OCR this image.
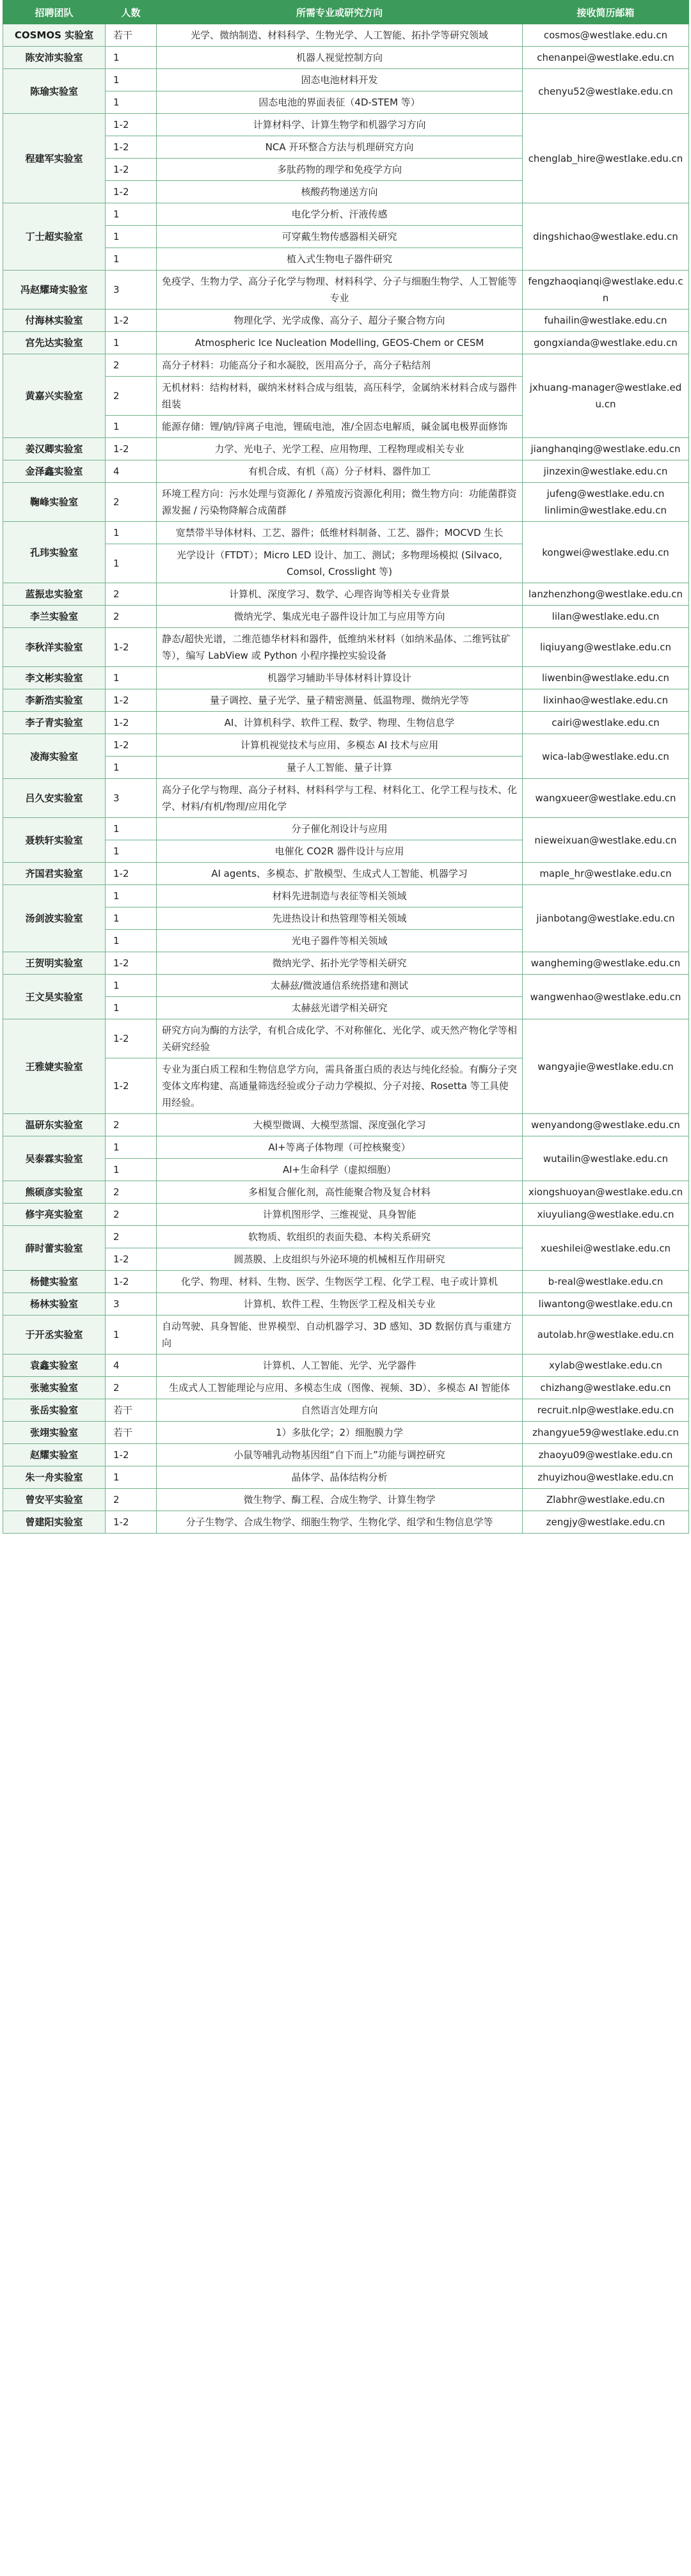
招聘团队	人数	所需专业或研究方向	接收简历邮箱
COSMOS 实验室	若干	光学、微纳制造、材料科学、生物光学、人工智能、拓扑学等研究领域	cosmos@westlake.edu.cn
陈安沛实验室	1	机器人视觉控制方向	chenanpei@westlake.edu.cn
陈瑜实验室	1	固态电池材料开发	chenyu52@westlake.edu.cn
	1	固态电池的界面表征（4D-STEM 等）	
程建军实验室	1-2	计算材料学、计算生物学和机器学习方向	chenglab_hire@westlake.edu.cn
	1-2	NCA 开环整合方法与机理研究方向	
	1-2	多肽药物的理学和免疫学方向	
	1-2	核酸药物递送方向	
丁士超实验室	1	电化学分析、汗液传感	dingshichao@westlake.edu.cn
	1	可穿戴生物传感器相关研究	
	1	植入式生物电子器件研究	
冯赵耀琦实验室	3	免疫学、生物力学、高分子化学与物理、材料科学、分子与细胞生物学、人工智能等专业	fengzhaoqianqi@westlake.edu.cn
付海林实验室	1-2	物理化学、光学成像、高分子、超分子聚合物方向	fuhailin@westlake.edu.cn
宫先达实验室	1	Atmospheric Ice Nucleation Modelling, GEOS-Chem or CESM	gongxianda@westlake.edu.cn
黄嘉兴实验室	2	高分子材料：功能高分子和水凝胶，医用高分子，高分子粘结剂	jxhuang-manager@westlake.edu.cn
	2	无机材料：结构材料，碳纳米材料合成与组装，高压科学，金属纳米材料合成与器件组装	
	1	能源存储：锂/钠/锌离子电池，锂硫电池，准/全固态电解质，碱金属电极界面修饰	
姜汉卿实验室	1-2	力学、光电子、光学工程、应用物理、工程物理或相关专业	jianghanqing@westlake.edu.cn
金泽鑫实验室	4	有机合成、有机（高）分子材料、器件加工	jinzexin@westlake.edu.cn
鞠峰实验室	2	环境工程方向：污水处理与资源化 / 养殖废污资源化利用；微生物方向：功能菌群资源发掘 / 污染物降解合成菌群	jufeng@westlake.edu.cn
linlimin@westlake.edu.cn
孔玮实验室	1	宽禁带半导体材料、工艺、器件；低维材料制备、工艺、器件；MOCVD 生长	kongwei@westlake.edu.cn
	1	光学设计（FTDT）；Micro LED 设计、加工、测试；多物理场模拟 (Silvaco, Comsol, Crosslight 等)	
蓝振忠实验室	2	计算机、深度学习、数学、心理咨询等相关专业背景	lanzhenzhong@westlake.edu.cn
李兰实验室	2	微纳光学、集成光电子器件设计加工与应用等方向	lilan@westlake.edu.cn
李秋洋实验室	1-2	静态/超快光谱，二维范德华材料和器件，低维纳米材料（如纳米晶体、二维钙钛矿等），编写 LabView 或 Python 小程序操控实验设备	liqiuyang@westlake.edu.cn
李文彬实验室	1	机器学习辅助半导体材料计算设计	liwenbin@westlake.edu.cn
李新浩实验室	1-2	量子调控、量子光学、量子精密测量、低温物理、微纳光学等	lixinhao@westlake.edu.cn
李子青实验室	1-2	AI、计算机科学、软件工程、数学、物理、生物信息学	cairi@westlake.edu.cn
凌海实验室	1-2	计算机视觉技术与应用、多模态 AI 技术与应用	wica-lab@westlake.edu.cn
	1	量子人工智能、量子计算	
吕久安实验室	3	高分子化学与物理、高分子材料、材料科学与工程、材料化工、化学工程与技术、化学、材料/有机/物理/应用化学	wangxueer@westlake.edu.cn
聂轶轩实验室	1	分子催化剂设计与应用	nieweixuan@westlake.edu.cn
	1	电催化 CO2R 器件设计与应用	
齐国君实验室	1-2	AI agents、多模态、扩散模型、生成式人工智能、机器学习	maple_hr@westlake.edu.cn
汤剑波实验室	1	材料先进制造与表征等相关领域	jianbotang@westlake.edu.cn
	1	先进热设计和热管理等相关领域	
	1	光电子器件等相关领域	
王贺明实验室	1-2	微纳光学、拓扑光学等相关研究	wangheming@westlake.edu.cn
王文昊实验室	1	太赫兹/微波通信系统搭建和测试	wangwenhao@westlake.edu.cn
	1	太赫兹光谱学相关研究	
王雅婕实验室	1-2	研究方向为酶的方法学，有机合成化学、不对称催化、光化学、或天然产物化学等相关研究经验	wangyajie@westlake.edu.cn
	1-2	专业为蛋白质工程和生物信息学方向，需具备蛋白质的表达与纯化经验。有酶分子突变体文库构建、高通量筛选经验或分子动力学模拟、分子对接、Rosetta 等工具使用经验。	
温研东实验室	2	大模型微调、大模型蒸馏、深度强化学习	wenyandong@westlake.edu.cn
吴泰霖实验室	1	AI+等离子体物理（可控核聚变）	wutailin@westlake.edu.cn
	1	AI+生命科学（虚拟细胞）	
熊硕彦实验室	2	多相复合催化剂，高性能聚合物及复合材料	xiongshuoyan@westlake.edu.cn
修宇亮实验室	2	计算机图形学、三维视觉、具身智能	xiuyuliang@westlake.edu.cn
薛时蕾实验室	2	软物质、软组织的表面失稳、本构关系研究	xueshilei@westlake.edu.cn
	1-2	圆蒸膜、上皮组织与外泌环境的机械相互作用研究	
杨健实验室	1-2	化学、物理、材料、生物、医学、生物医学工程、化学工程、电子或计算机	b-real@westlake.edu.cn
杨林实验室	3	计算机、软件工程、生物医学工程及相关专业	liwantong@westlake.edu.cn
于开丞实验室	1	自动驾驶、具身智能、世界模型、自动机器学习、3D 感知、3D 数据仿真与重建方向	autolab.hr@westlake.edu.cn
袁鑫实验室	4	计算机、人工智能、光学、光学器件	xylab@westlake.edu.cn
张驰实验室	2	生成式人工智能理论与应用、多模态生成（图像、视频、3D）、多模态 AI 智能体	chizhang@westlake.edu.cn
张岳实验室	若干	自然语言处理方向	recruit.nlp@westlake.edu.cn
张翊实验室	若干	1）多肽化学；2）细胞膜力学	zhangyue59@westlake.edu.cn
赵耀实验室	1-2	小鼠等哺乳动物基因组“自下而上”功能与调控研究	zhaoyu09@westlake.edu.cn
朱一舟实验室	1	晶体学、晶体结构分析	zhuyizhou@westlake.edu.cn
曾安平实验室	2	微生物学、酶工程、合成生物学、计算生物学	Zlabhr@westlake.edu.cn
曾建阳实验室	1-2	分子生物学、合成生物学、细胞生物学、生物化学、组学和生物信息学等	zengjy@westlake.edu.cn
